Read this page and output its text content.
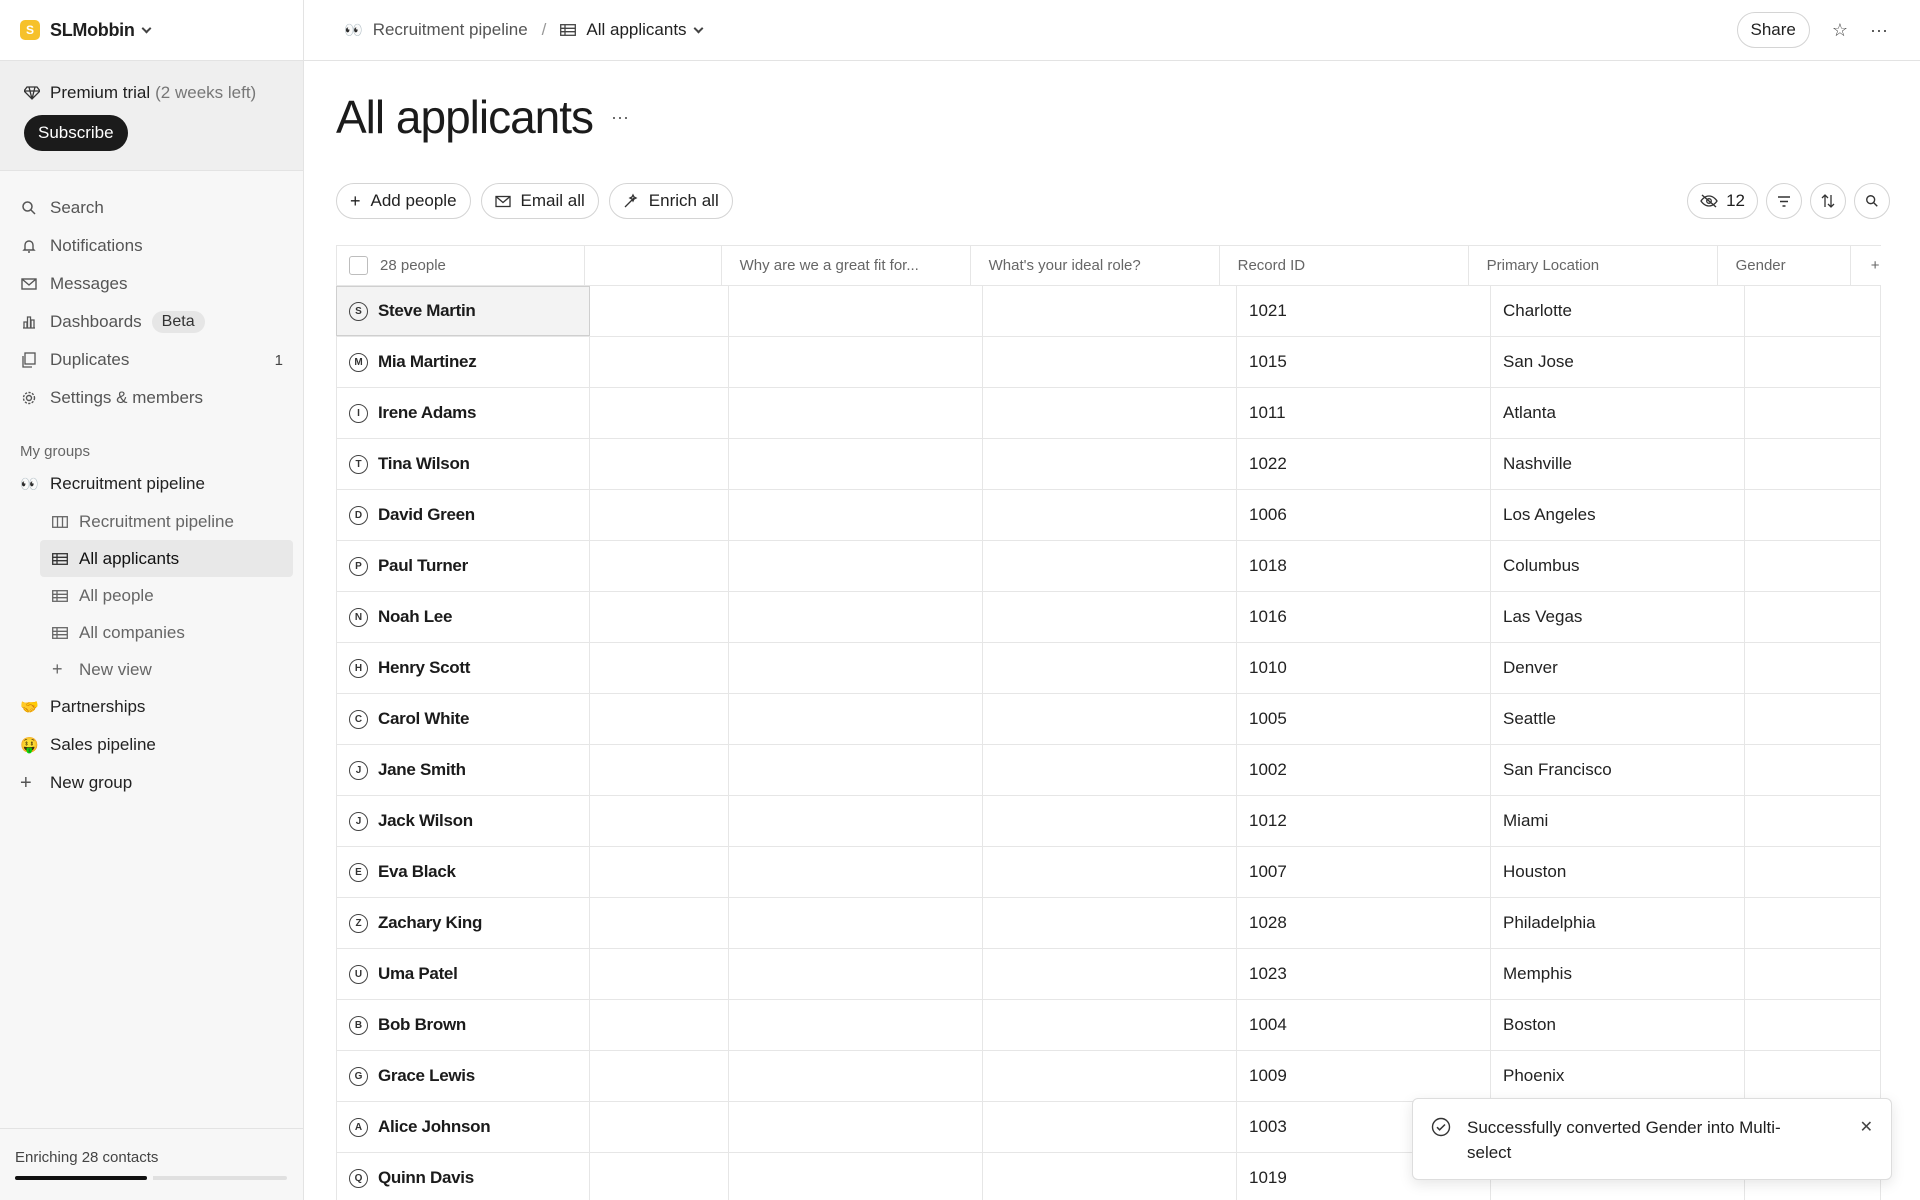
S SLMobbin
Premium trial (2 weeks left)
Subscribe
Search
Notifications
Messages
Dashboards	Beta
Duplicates	1
Settings & members
My groups
👀 Recruitment pipeline
Recruitment pipeline
All applicants
All people
All companies
+ New view
🤝 Partnerships
🤑 Sales pipeline
+	New group
Enriching 28 contacts
👀 Recruitment pipeline / All applicants	Share	☆ ···
All applicants ···
+ Add people	Email all	Enrich all	12
28 people	Why are we a great fit for...	What's your ideal role?	Record ID	Primary Location	Gender	+
S Steve Martin	1021	Charlotte
M Mia Martinez	1015	San Jose
I	Irene Adams	1011	Atlanta
T Tina Wilson	1022	Nashville
D David Green	1006	Los Angeles
P Paul Turner	1018	Columbus
N Noah Lee	1016	Las Vegas
H Henry Scott	1010	Denver
C Carol White	1005	Seattle
J Jane Smith	1002	San Francisco
J Jack Wilson	1012	Miami
E Eva Black	1007	Houston
Z Zachary King	1028	Philadelphia
U Uma Patel	1023	Memphis
B Bob Brown	1004	Boston
G Grace Lewis	1009	Phoenix
A Alice Johnson	1003
Q Quinn Davis	1019
Successfully converted Gender into Multi-select
✕
